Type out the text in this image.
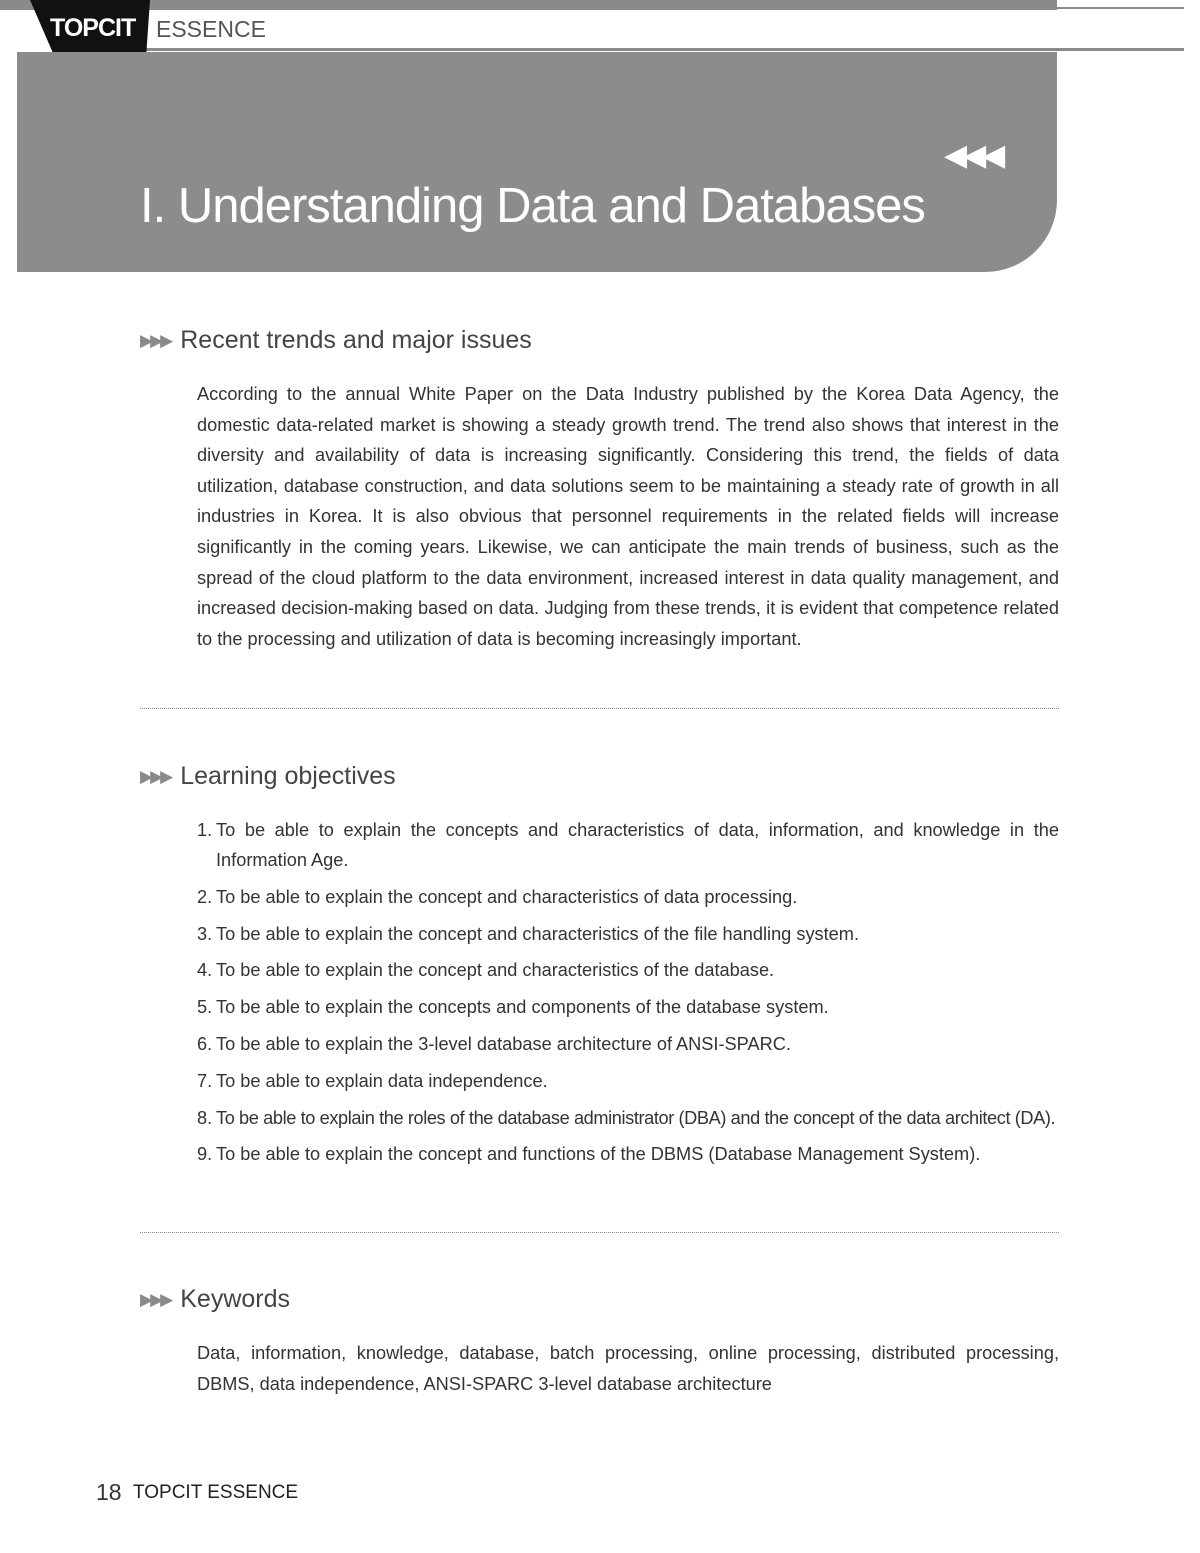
TOPCIT ESSENCE
◀◀◀
I. Understanding Data and Databases
▶▶▶ Recent trends and major issues

According to the annual White Paper on the Data Industry published by the Korea Data Agency, the domestic data-related market is showing a steady growth trend. The trend also shows that interest in the diversity and availability of data is increasing significantly. Considering this trend, the fields of data utilization, database construction, and data solutions seem to be maintaining a steady rate of growth in all industries in Korea. It is also obvious that personnel requirements in the related fields will increase significantly in the coming years. Likewise, we can anticipate the main trends of business, such as the spread of the cloud platform to the data environment, increased interest in data quality management, and increased decision-making based on data. Judging from these trends, it is evident that competence related to the processing and utilization of data is becoming increasingly important.

▶▶▶ Learning objectives
1. To be able to explain the concepts and characteristics of data, information, and knowledge in the Information Age.
2. To be able to explain the concept and characteristics of data processing.
3. To be able to explain the concept and characteristics of the file handling system.
4. To be able to explain the concept and characteristics of the database.
5. To be able to explain the concepts and components of the database system.
6. To be able to explain the 3-level database architecture of ANSI-SPARC.
7. To be able to explain data independence.
8. To be able to explain the roles of the database administrator (DBA) and the concept of the data architect (DA).
9. To be able to explain the concept and functions of the DBMS (Database Management System).
▶▶▶ Keywords

Data, information, knowledge, database, batch processing, online processing, distributed processing, DBMS, data independence, ANSI-SPARC 3-level database architecture

18 TOPCIT ESSENCE
